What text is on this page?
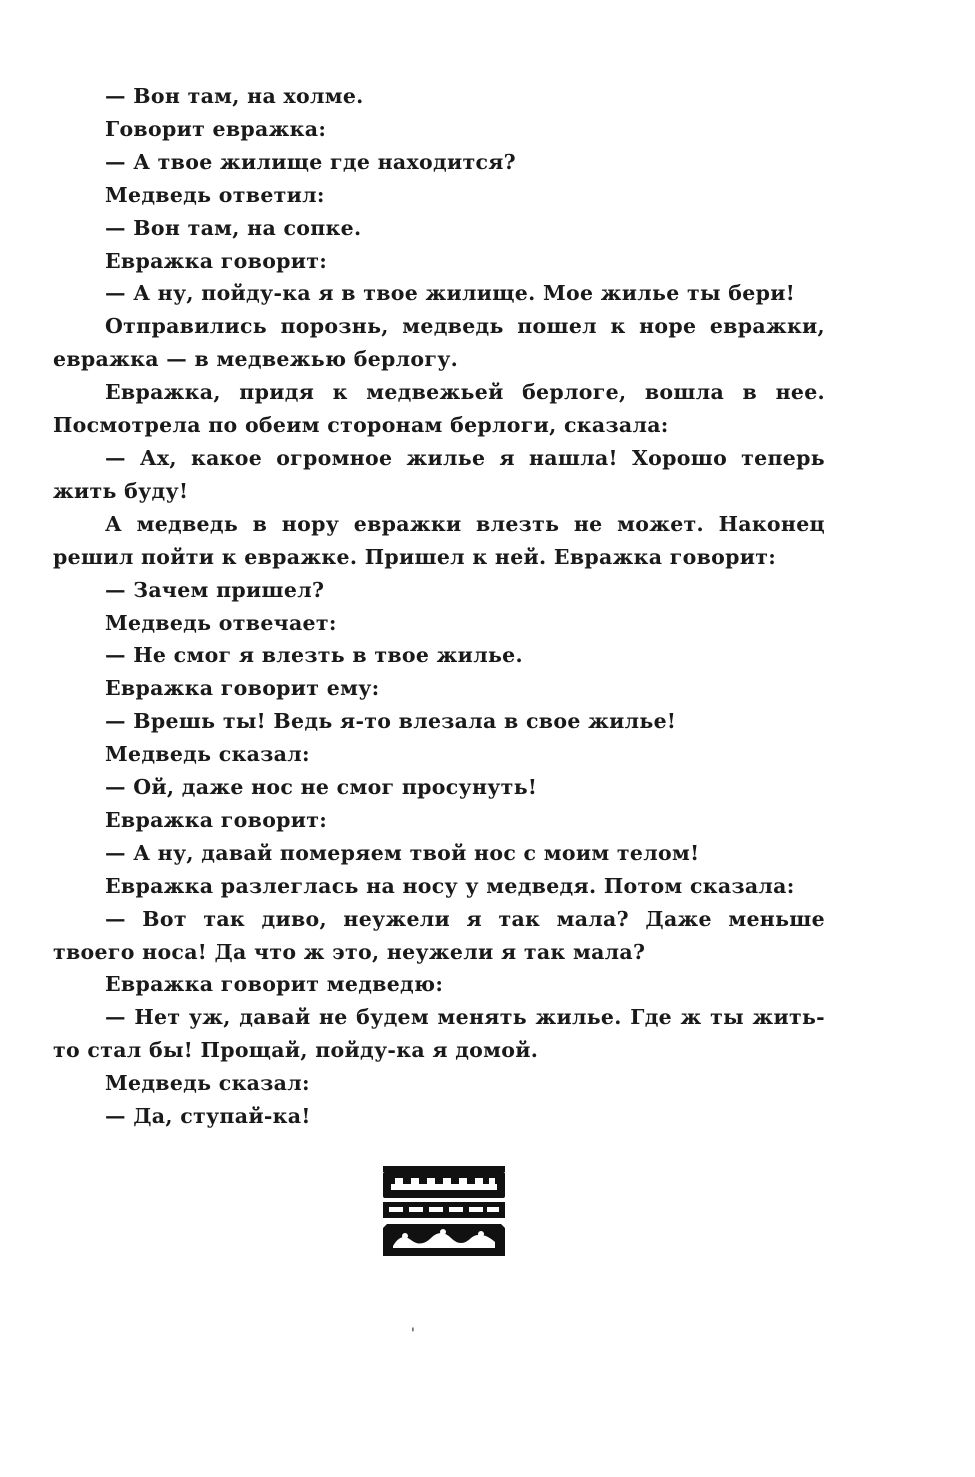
— Вон там, на холме.

Говорит евражка:

— А твое жилище где находится?

Медведь ответил:

— Вон там, на сопке.

Евражка говорит:

— А ну, пойду-ка я в твое жилище. Мое жилье ты бери!

Отправились порознь, медведь пошел к норе евражки, евражка — в медвежью берлогу.

Евражка, придя к медвежьей берлоге, вошла в нее. Посмотрела по обеим сторонам берлоги, сказала:

— Ах, какое огромное жилье я нашла! Хорошо теперь жить буду!

А медведь в нору евражки влезть не может. Наконец решил пойти к евражке. Пришел к ней. Евражка говорит:

— Зачем пришел?

Медведь отвечает:

— Не смог я влезть в твое жилье.

Евражка говорит ему:

— Врешь ты! Ведь я-то влезала в свое жилье!

Медведь сказал:

— Ой, даже нос не смог просунуть!

Евражка говорит:

— А ну, давай померяем твой нос с моим телом!

Евражка разлеглась на носу у медведя. Потом сказала:

— Вот так диво, неужели я так мала? Даже меньше твоего носа! Да что ж это, неужели я так мала?

Евражка говорит медведю:

— Нет уж, давай не будем менять жилье. Где ж ты жить-то стал бы! Прощай, пойду-ка я домой.

Медведь сказал:

— Да, ступай-ка!

'
